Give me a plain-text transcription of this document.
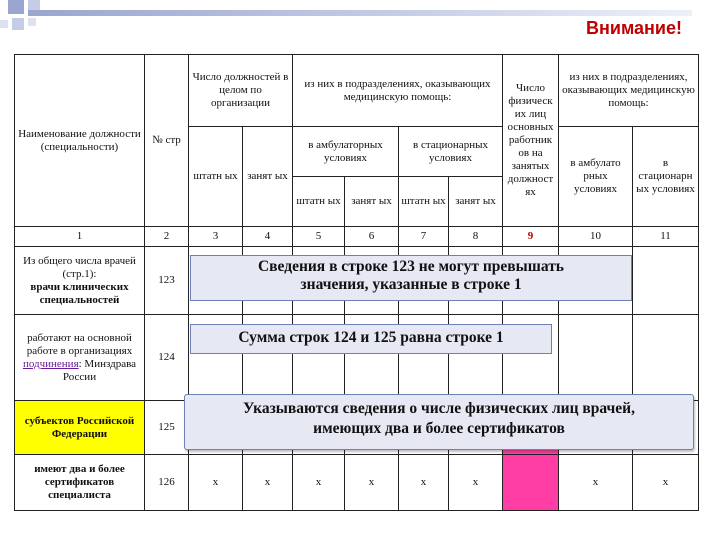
Внимание!
Наименование должности (специальности)	№ стр	Число должностей в целом по организации		из них в подразделениях, оказывающих медицинскую помощь:				Число физическ их лиц основных работник ов на занятых должност ях	из них в подразделениях, оказывающих медицинскую помощь:	
		штатн ых	занят ых	в амбулаторных условиях		в стационарных условиях			в амбулато рных условиях	в стационарн ых условиях
				штатн ых	занят ых	штатн ых	занят ых			
1	2	3	4	5	6	7	8	9	10	11
Из общего числа врачей (стр.1):
врачи клинических специальностей	123									
работают на основной работе в организациях подчинения: Минздрава России	124									
субъектов Российской Федерации	125									
имеют два и более сертификатов специалиста	126	x	x	x	x	x	x		x	x
Сведения в строке 123 не могут превышать
значения, указанные в строке 1
Сумма строк 124 и 125 равна строке 1
Указываются сведения о числе физических лиц врачей,
имеющих два и более сертификатов
